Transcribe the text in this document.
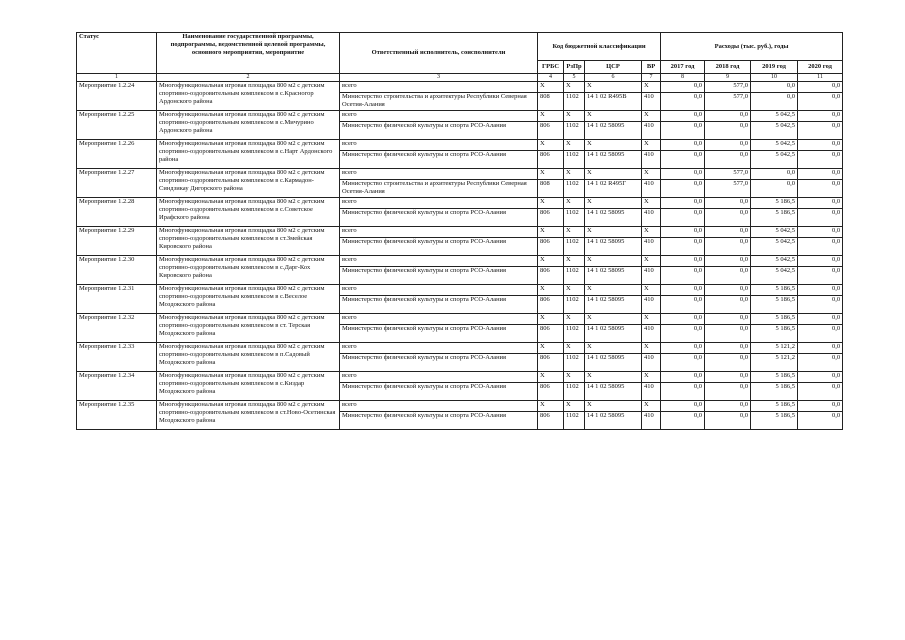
Статус	Наименование государственной программы, подпрограммы, ведомственной целевой программы, основного мероприятия, мероприятие	Ответственный исполнитель, соисполнители	Код бюджетной классификации				Расходы (тыс. руб.), годы			
			ГРБС	РзПр	ЦСР	ВР	2017 год	2018 год	2019 год	2020 год
1	2	3	4	5	6	7	8	9	10	11
Мероприятие 1.2.24	Многофункциональная игровая площадка 800 м2 с детским спортивно-оздоровительным комплексом в с.Красногор Ардонского района	всего	X	X	X	X	0,0	577,0	0,0	0,0
		Министерство строительства и архитектуры Республики Северная Осетия-Алания	808	1102	14 1 02 R495В	410	0,0	577,0	0,0	0,0
Мероприятие 1.2.25	Многофункциональная игровая площадка 800 м2 с детским спортивно-оздоровительным комплексом в с.Мичурино Ардонского района	всего	X	X	X	X	0,0	0,0	5 042,5	0,0
		Министерство физической культуры и спорта РСО-Алания	806	1102	14 1 02 58095	410	0,0	0,0	5 042,5	0,0
Мероприятие 1.2.26	Многофункциональная игровая площадка 800 м2 с детским спортивно-оздоровительным комплексом в с.Нарт Ардонского района	всего	X	X	X	X	0,0	0,0	5 042,5	0,0
		Министерство физической культуры и спорта РСО-Алания	806	1102	14 1 02 58095	410	0,0	0,0	5 042,5	0,0
Мероприятие 1.2.27	Многофункциональная игровая площадка 800 м2 с детским спортивно-оздоровительным комплексом в с.Кармадон-Синдзикау Дигорского района	всего	X	X	X	X	0,0	577,0	0,0	0,0
		Министерство строительства и архитектуры Республики Северная Осетия-Алания	808	1102	14 1 02 R495Г	410	0,0	577,0	0,0	0,0
Мероприятие 1.2.28	Многофункциональная игровая площадка 800 м2 с детским спортивно-оздоровительным комплексом в с.Советское Ирафского района	всего	X	X	X	X	0,0	0,0	5 186,5	0,0
		Министерство физической культуры и спорта РСО-Алания	806	1102	14 1 02 58095	410	0,0	0,0	5 186,5	0,0
Мероприятие 1.2.29	Многофункциональная игровая площадка 800 м2 с детским спортивно-оздоровительным комплексом в ст.Змейская Кировского района	всего	X	X	X	X	0,0	0,0	5 042,5	0,0
		Министерство физической культуры и спорта РСО-Алания	806	1102	14 1 02 58095	410	0,0	0,0	5 042,5	0,0
Мероприятие 1.2.30	Многофункциональная игровая площадка 800 м2 с детским спортивно-оздоровительным комплексом в с.Дарг-Кох Кировского района	всего	X	X	X	X	0,0	0,0	5 042,5	0,0
		Министерство физической культуры и спорта РСО-Алания	806	1102	14 1 02 58095	410	0,0	0,0	5 042,5	0,0
Мероприятие 1.2.31	Многофункциональная игровая площадка 800 м2 с детским спортивно-оздоровительным комплексом в с.Веселое Моздокского района	всего	X	X	X	X	0,0	0,0	5 186,5	0,0
		Министерство физической культуры и спорта РСО-Алания	806	1102	14 1 02 58095	410	0,0	0,0	5 186,5	0,0
Мероприятие 1.2.32	Многофункциональная игровая площадка 800 м2 с детским спортивно-оздоровительным комплексом в ст. Терская Моздокского района	всего	X	X	X	X	0,0	0,0	5 186,5	0,0
		Министерство физической культуры и спорта РСО-Алания	806	1102	14 1 02 58095	410	0,0	0,0	5 186,5	0,0
Мероприятие 1.2.33	Многофункциональная игровая площадка 800 м2 с детским спортивно-оздоровительным комплексом в п.Садовый Моздокского района	всего	X	X	X	X	0,0	0,0	5 121,2	0,0
		Министерство физической культуры и спорта РСО-Алания	806	1102	14 1 02 58095	410	0,0	0,0	5 121,2	0,0
Мероприятие 1.2.34	Многофункциональная игровая площадка 800 м2 с детским спортивно-оздоровительным комплексом в с.Киздар Моздокского района	всего	X	X	X	X	0,0	0,0	5 186,5	0,0
		Министерство физической культуры и спорта РСО-Алания	806	1102	14 1 02 58095	410	0,0	0,0	5 186,5	0,0
Мероприятие 1.2.35	Многофункциональная игровая площадка 800 м2 с детским спортивно-оздоровительным комплексом в ст.Ново-Осетинская Моздокского района	всего	X	X	X	X	0,0	0,0	5 186,5	0,0
		Министерство физической культуры и спорта РСО-Алания	806	1102	14 1 02 58095	410	0,0	0,0	5 186,5	0,0
